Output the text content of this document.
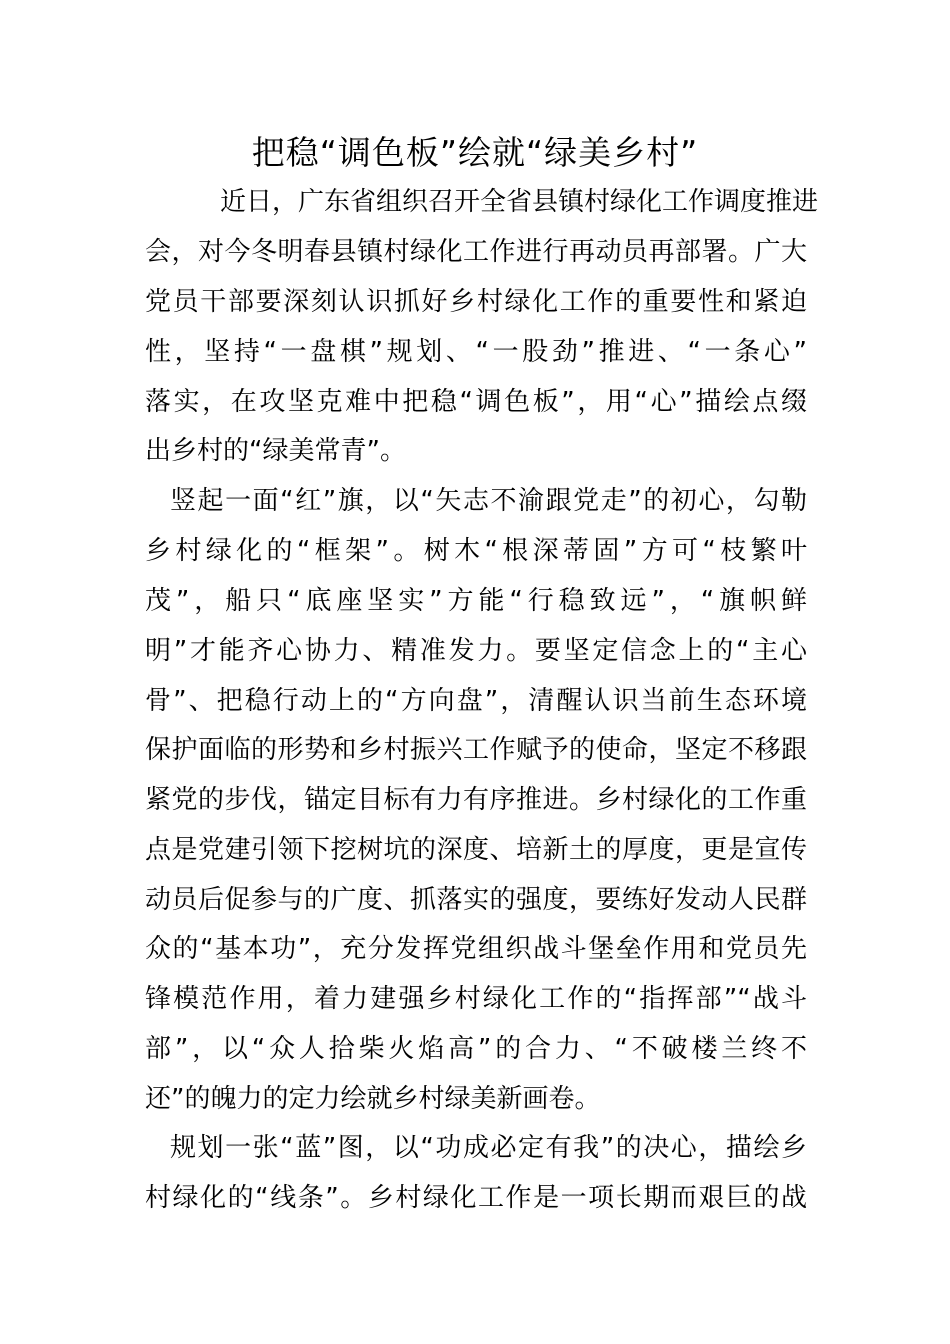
把稳“调色板”绘就“绿美乡村”

近日，广东省组织召开全省县镇村绿化工作调度推进

会，对今冬明春县镇村绿化工作进行再动员再部署。广大

党员干部要深刻认识抓好乡村绿化工作的重要性和紧迫

性，坚持“一盘棋”规划、“一股劲”推进、“一条心”

落实，在攻坚克难中把稳“调色板”，用“心”描绘点缀

出乡村的“绿美常青”。

竖起一面“红”旗，以“矢志不渝跟党走”的初心，勾勒

乡村绿化的“框架”。树木“根深蒂固”方可“枝繁叶

茂”，船只“底座坚实”方能“行稳致远”，“旗帜鲜

明”才能齐心协力、精准发力。要坚定信念上的“主心

骨”、把稳行动上的“方向盘”，清醒认识当前生态环境

保护面临的形势和乡村振兴工作赋予的使命，坚定不移跟

紧党的步伐，锚定目标有力有序推进。乡村绿化的工作重

点是党建引领下挖树坑的深度、培新土的厚度，更是宣传

动员后促参与的广度、抓落实的强度，要练好发动人民群

众的“基本功”，充分发挥党组织战斗堡垒作用和党员先

锋模范作用，着力建强乡村绿化工作的“指挥部”“战斗

部”，以“众人拾柴火焰高”的合力、“不破楼兰终不

还”的魄力的定力绘就乡村绿美新画卷。

规划一张“蓝”图，以“功成必定有我”的决心，描绘乡

村绿化的“线条”。乡村绿化工作是一项长期而艰巨的战
